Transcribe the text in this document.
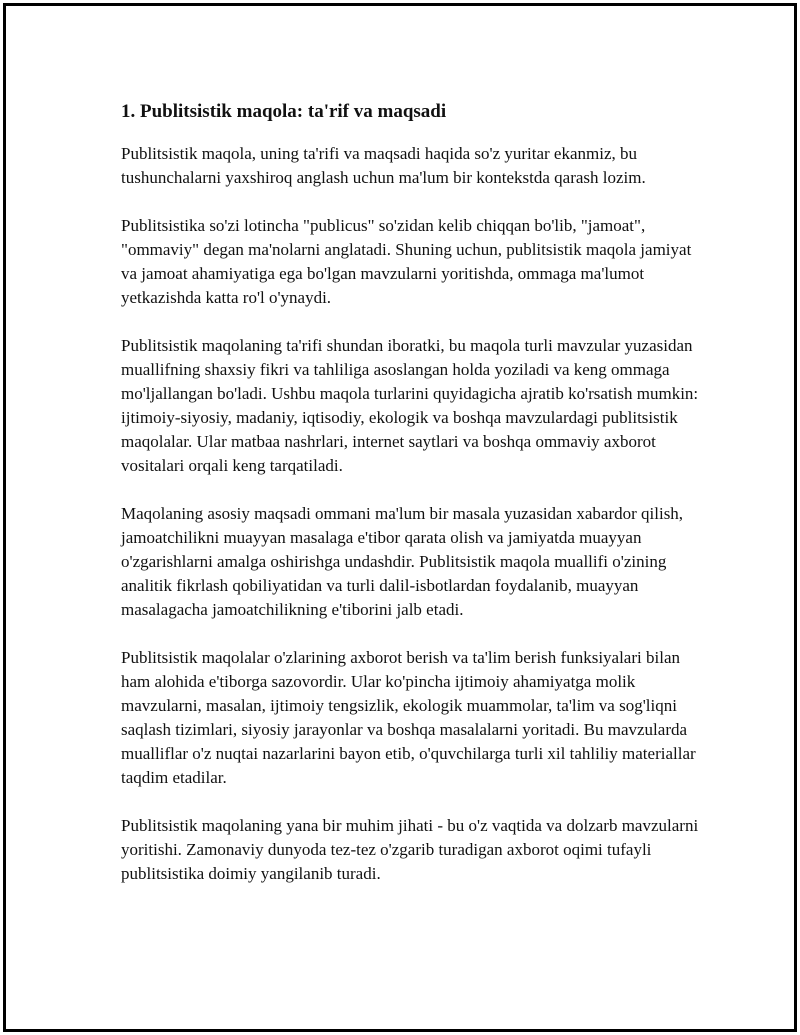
1. Publitsistik maqola: ta'rif va maqsadi

Publitsistik maqola, uning ta'rifi va maqsadi haqida so'z yuritar ekanmiz, bu tushunchalarni yaxshiroq anglash uchun ma'lum bir kontekstda qarash lozim.

Publitsistika so'zi lotincha "publicus" so'zidan kelib chiqqan bo'lib, "jamoat", "ommaviy" degan ma'nolarni anglatadi. Shuning uchun, publitsistik maqola jamiyat va jamoat ahamiyatiga ega bo'lgan mavzularni yoritishda, ommaga ma'lumot yetkazishda katta ro'l o'ynaydi.

Publitsistik maqolaning ta'rifi shundan iboratki, bu maqola turli mavzular yuzasidan muallifning shaxsiy fikri va tahliliga asoslangan holda yoziladi va keng ommaga mo'ljallangan bo'ladi. Ushbu maqola turlarini quyidagicha ajratib ko'rsatish mumkin: ijtimoiy-siyosiy, madaniy, iqtisodiy, ekologik va boshqa mavzulardagi publitsistik maqolalar. Ular matbaa nashrlari, internet saytlari va boshqa ommaviy axborot vositalari orqali keng tarqatiladi.

Maqolaning asosiy maqsadi ommani ma'lum bir masala yuzasidan xabardor qilish, jamoatchilikni muayyan masalaga e'tibor qarata olish va jamiyatda muayyan o'zgarishlarni amalga oshirishga undashdir. Publitsistik maqola muallifi o'zining analitik fikrlash qobiliyatidan va turli dalil-isbotlardan foydalanib, muayyan masalagacha jamoatchilikning e'tiborini jalb etadi.

Publitsistik maqolalar o'zlarining axborot berish va ta'lim berish funksiyalari bilan ham alohida e'tiborga sazovordir. Ular ko'pincha ijtimoiy ahamiyatga molik mavzularni, masalan, ijtimoiy tengsizlik, ekologik muammolar, ta'lim va sog'liqni saqlash tizimlari, siyosiy jarayonlar va boshqa masalalarni yoritadi. Bu mavzularda mualliflar o'z nuqtai nazarlarini bayon etib, o'quvchilarga turli xil tahliliy materiallar taqdim etadilar.

Publitsistik maqolaning yana bir muhim jihati - bu o'z vaqtida va dolzarb mavzularni yoritishi. Zamonaviy dunyoda tez-tez o'zgarib turadigan axborot oqimi tufayli publitsistika doimiy yangilanib turadi.
